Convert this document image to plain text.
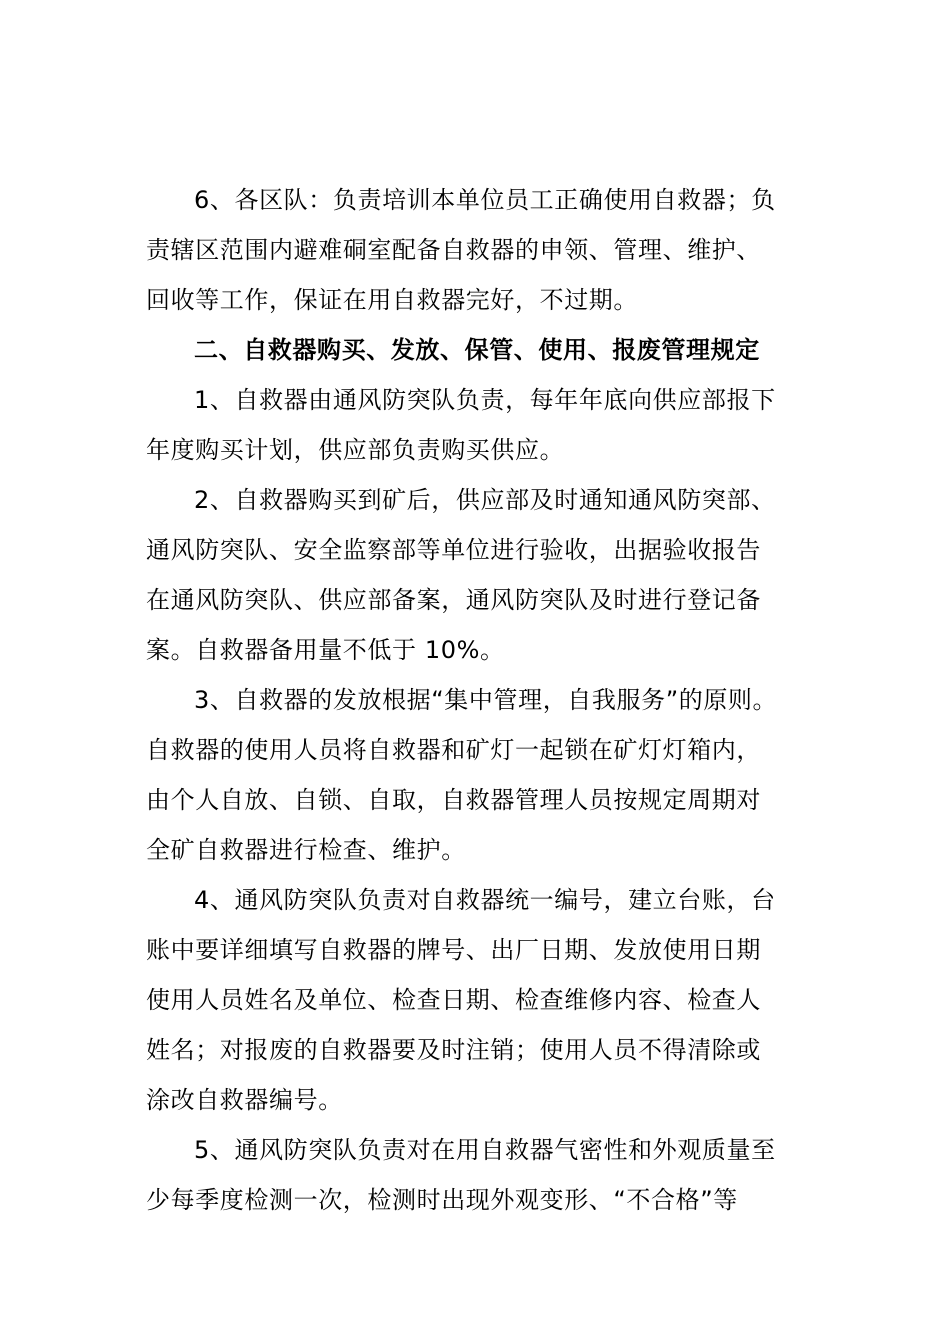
6、各区队：负责培训本单位员工正确使用自救器；负
责辖区范围内避难硐室配备自救器的申领、管理、维护、
回收等工作，保证在用自救器完好，不过期。
二、自救器购买、发放、保管、使用、报废管理规定
1、自救器由通风防突队负责，每年年底向供应部报下
年度购买计划，供应部负责购买供应。
2、自救器购买到矿后，供应部及时通知通风防突部、
通风防突队、安全监察部等单位进行验收，出据验收报告
在通风防突队、供应部备案，通风防突队及时进行登记备
案。自救器备用量不低于 10%。
3、自救器的发放根据“集中管理，自我服务”的原则。
自救器的使用人员将自救器和矿灯一起锁在矿灯灯箱内，
由个人自放、自锁、自取，自救器管理人员按规定周期对
全矿自救器进行检查、维护。
4、通风防突队负责对自救器统一编号，建立台账，台
账中要详细填写自救器的牌号、出厂日期、发放使用日期
使用人员姓名及单位、检查日期、检查维修内容、检查人
姓名；对报废的自救器要及时注销；使用人员不得清除或
涂改自救器编号。
5、通风防突队负责对在用自救器气密性和外观质量至
少每季度检测一次，检测时出现外观变形、“不合格”等
